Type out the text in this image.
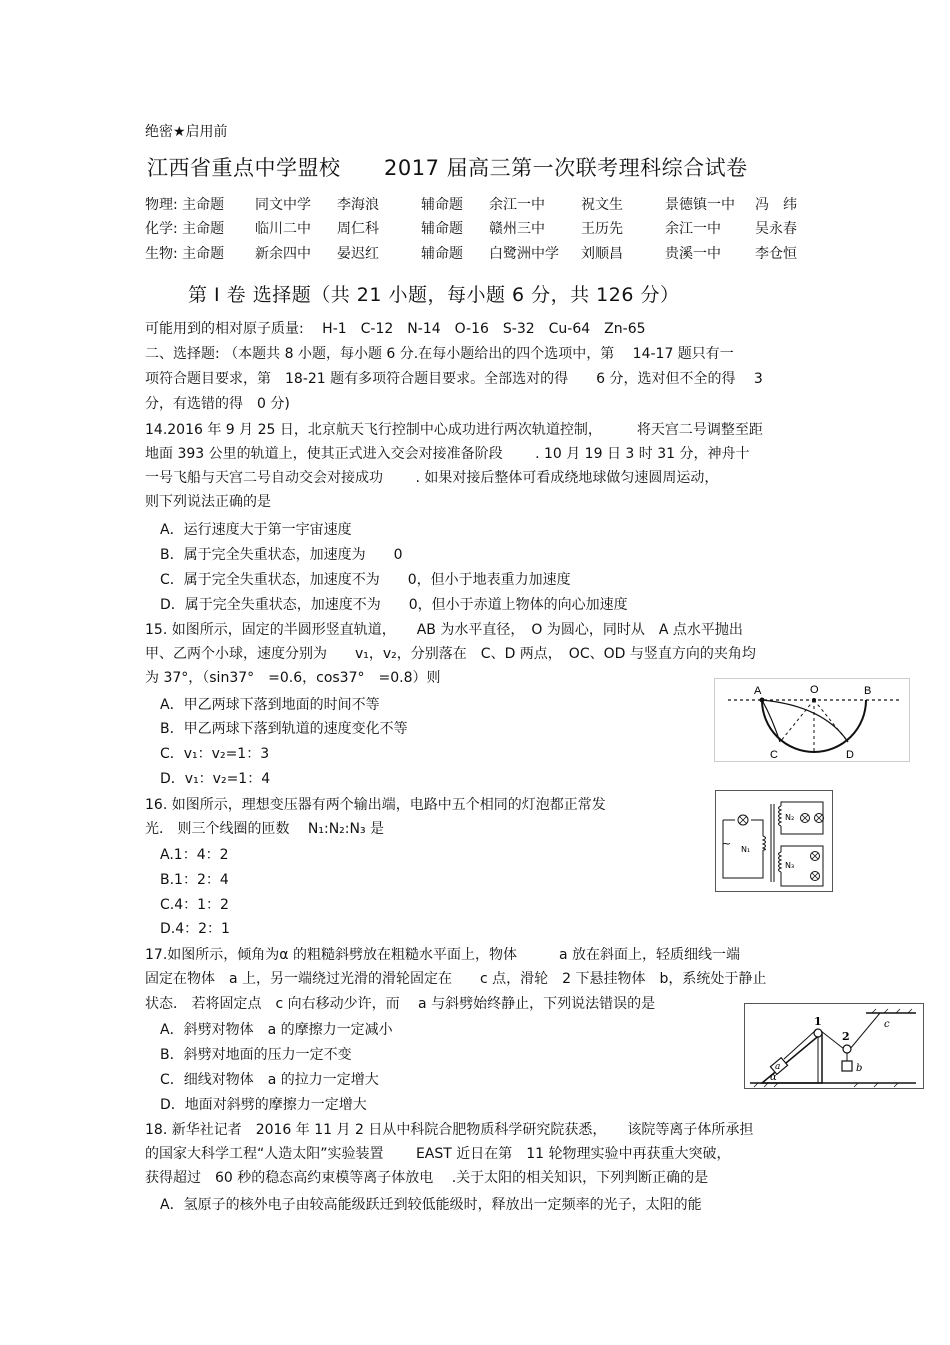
绝密★启用前
江西省重点中学盟校 2017 届高三第一次联考理科综合试卷
物理: 主命题 同文中学 李海浪	辅命题 余江一中	祝文生	景德镇一中 冯　纬
化学: 主命题 临川二中 周仁科	辅命题 赣州三中	王历先	余江一中 吴永春
生物: 主命题 新余四中 晏迟红	辅命题 白鹭洲中学 刘顺昌	贵溪一中 李仓恒
第 I 卷 选择题（共 21 小题，每小题 6 分，共 126 分）
可能用到的相对原子质量:　 H-1　C-12　N-14　O-16　S-32　Cu-64　Zn-65
二、选择题: （本题共 8 小题，每小题 6 分.在每小题给出的四个选项中，第　 14-17 题只有一
项符合题目要求，第　18-21 题有多项符合题目要求。全部选对的得　　6 分，选对但不全的得　 3
分，有选错的得　0 分)
14.2016 年 9 月 25 日，北京航天飞行控制中心成功进行两次轨道控制，　　　将天宫二号调整至距
地面 393 公里的轨道上，使其正式进入交会对接准备阶段　　 . 10 月 19 日 3 时 31 分，神舟十
一号飞船与天宫二号自动交会对接成功　　 . 如果对接后整体可看成绕地球做匀速圆周运动，
则下列说法正确的是
A．运行速度大于第一宇宙速度
B．属于完全失重状态，加速度为　　0
C．属于完全失重状态，加速度不为　　0，但小于地表重力加速度
D．属于完全失重状态，加速度不为　　0，但小于赤道上物体的向心加速度
15. 如图所示，固定的半圆形竖直轨道，　　AB 为水平直径，　O 为圆心，同时从　A 点水平抛出
甲、乙两个小球，速度分别为　　v₁，v₂，分别落在　C、D 两点，　OC、OD 与竖直方向的夹角均
为 37°，（sin37°　=0.6，cos37°　=0.8）则
A．甲乙两球下落到地面的时间不等
B．甲乙两球下落到轨道的速度变化不等
C．v₁：v₂=1：3
D．v₁：v₂=1：4
A	O	B
C	D
16. 如图所示，理想变压器有两个输出端，电路中五个相同的灯泡都正常发
光． 则三个线圈的匝数　 N₁:N₂:N₃ 是
A.1：4：2
B.1：2：4
C.4：1：2
D.4：2：1
~ N₁
N₂
N₃
17.如图所示，倾角为α 的粗糙斜劈放在粗糙水平面上，物体　　　a 放在斜面上，轻质细线一端
固定在物体　a 上，另一端绕过光滑的滑轮固定在　　c 点，滑轮　2 下悬挂物体　b，系统处于静止
状态． 若将固定点　c 向右移动少许，而　 a 与斜劈始终静止，下列说法错误的是
A．斜劈对物体　a 的摩擦力一定减小
B．斜劈对地面的压力一定不变
C．细线对物体　a 的拉力一定增大
D．地面对斜劈的摩擦力一定增大
α
a
1
2
b
c
18. 新华社记者　2016 年 11 月 2 日从中科院合肥物质科学研究院获悉，　　该院等离子体所承担
的国家大科学工程“人造太阳”实验装置　　 EAST 近日在第　11 轮物理实验中再获重大突破，
获得超过　60 秒的稳态高约束模等离子体放电　 .关于太阳的相关知识，下列判断正确的是
A．氢原子的核外电子由较高能级跃迁到较低能级时，释放出一定频率的光子，太阳的能
